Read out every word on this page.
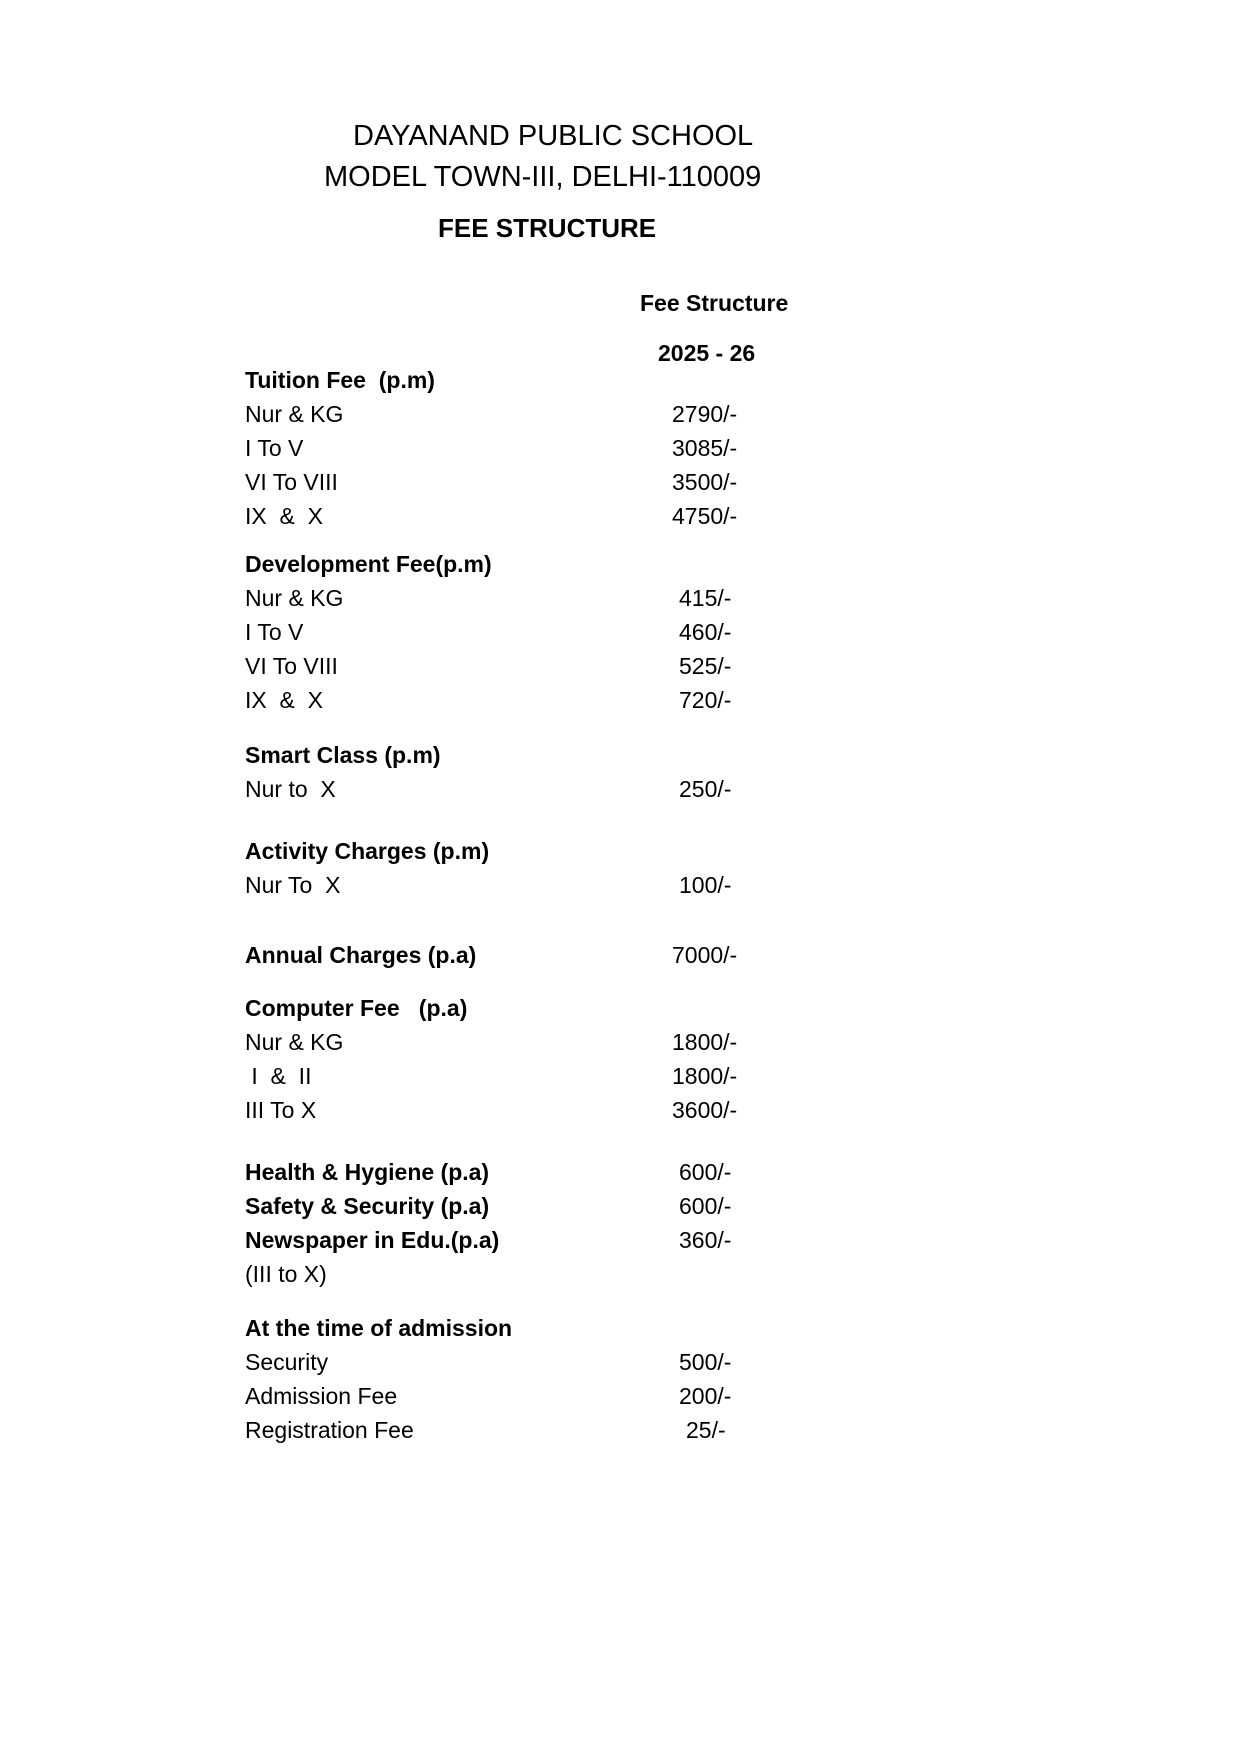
DAYANAND PUBLIC SCHOOL
MODEL TOWN-III, DELHI-110009
FEE STRUCTURE
Fee Structure
2025 - 26
Tuition Fee  (p.m)
Nur & KG	2790/-
I To V	3085/-
VI To VIII	3500/-
IX  &  X	4750/-
Development Fee(p.m)
Nur & KG	415/-
I To V	460/-
VI To VIII	525/-
IX  &  X	720/-
Smart Class (p.m)
Nur to  X	250/-
Activity Charges (p.m)
Nur To  X	100/-
Annual Charges (p.a)	7000/-
Computer Fee   (p.a)
Nur & KG	1800/-
I  &  II	1800/-
III To X	3600/-
Health & Hygiene (p.a)	600/-
Safety & Security (p.a)	600/-
Newspaper in Edu.(p.a)	360/-
(III to X)
At the time of admission
Security	500/-
Admission Fee	200/-
Registration Fee	25/-
